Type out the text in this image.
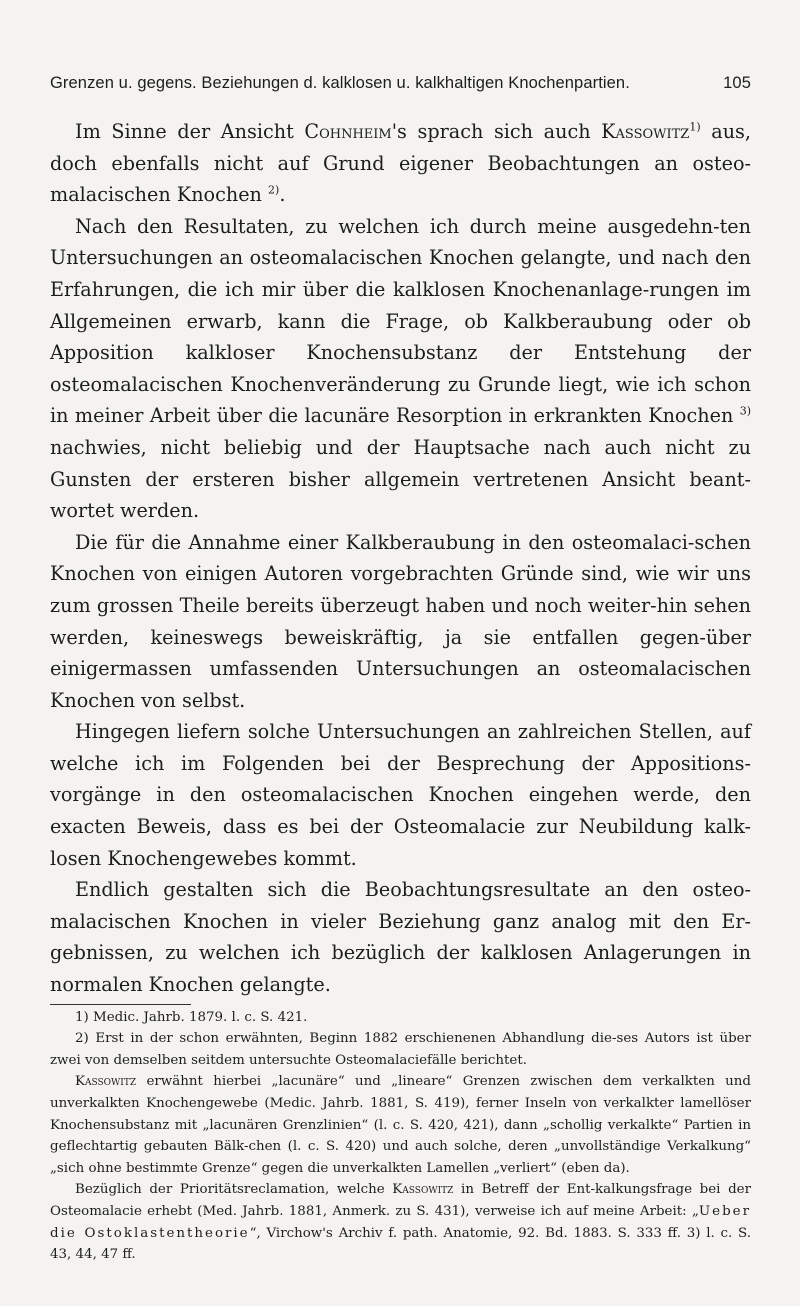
Grenzen u. gegens. Beziehungen d. kalklosen u. kalkhaltigen Knochenpartien.	105

Im Sinne der Ansicht Cohnheim's sprach sich auch Kassowitz$^{1)}$ aus, doch ebenfalls nicht auf Grund eigener Beobachtungen an osteo-malacischen Knochen $^{2)}$.

Nach den Resultaten, zu welchen ich durch meine ausgedehn-ten Untersuchungen an osteomalacischen Knochen gelangte, und nach den Erfahrungen, die ich mir über die kalklosen Knochenanlage-rungen im Allgemeinen erwarb, kann die Frage, ob Kalkberaubung oder ob Apposition kalkloser Knochensubstanz der Entstehung der osteomalacischen Knochenveränderung zu Grunde liegt, wie ich schon in meiner Arbeit über die lacunäre Resorption in erkrankten Knochen $^{3)}$ nachwies, nicht beliebig und der Hauptsache nach auch nicht zu Gunsten der ersteren bisher allgemein vertretenen Ansicht beant-wortet werden.

Die für die Annahme einer Kalkberaubung in den osteomalaci-schen Knochen von einigen Autoren vorgebrachten Gründe sind, wie wir uns zum grossen Theile bereits überzeugt haben und noch weiter-hin sehen werden, keineswegs beweiskräftig, ja sie entfallen gegen-über einigermassen umfassenden Untersuchungen an osteomalacischen Knochen von selbst.

Hingegen liefern solche Untersuchungen an zahlreichen Stellen, auf welche ich im Folgenden bei der Besprechung der Appositions-vorgänge in den osteomalacischen Knochen eingehen werde, den exacten Beweis, dass es bei der Osteomalacie zur Neubildung kalk-losen Knochengewebes kommt.

Endlich gestalten sich die Beobachtungsresultate an den osteo-malacischen Knochen in vieler Beziehung ganz analog mit den Er-gebnissen, zu welchen ich bezüglich der kalklosen Anlagerungen in normalen Knochen gelangte.

1) Medic. Jahrb. 1879. l. c. S. 421.

2) Erst in der schon erwähnten, Beginn 1882 erschienenen Abhandlung die-ses Autors ist über zwei von demselben seitdem untersuchte Osteomalaciefälle berichtet.

Kassowitz erwähnt hierbei „lacunäre“ und „lineare“ Grenzen zwischen dem verkalkten und unverkalkten Knochengewebe (Medic. Jahrb. 1881, S. 419), ferner Inseln von verkalkter lamellöser Knochensubstanz mit „lacunären Grenzlinien“ (l. c. S. 420, 421), dann „schollig verkalkte“ Partien in geflechtartig gebauten Bälk-chen (l. c. S. 420) und auch solche, deren „unvollständige Verkalkung“ „sich ohne bestimmte Grenze“ gegen die unverkalkten Lamellen „verliert“ (eben da).

Bezüglich der Prioritätsreclamation, welche Kassowitz in Betreff der Ent-kalkungsfrage bei der Osteomalacie erhebt (Med. Jahrb. 1881, Anmerk. zu S. 431), verweise ich auf meine Arbeit: „Ueber die Ostoklastentheorie“, Virchow's Archiv f. path. Anatomie, 92. Bd. 1883. S. 333 ff. 3) l. c. S. 43, 44, 47 ff.
